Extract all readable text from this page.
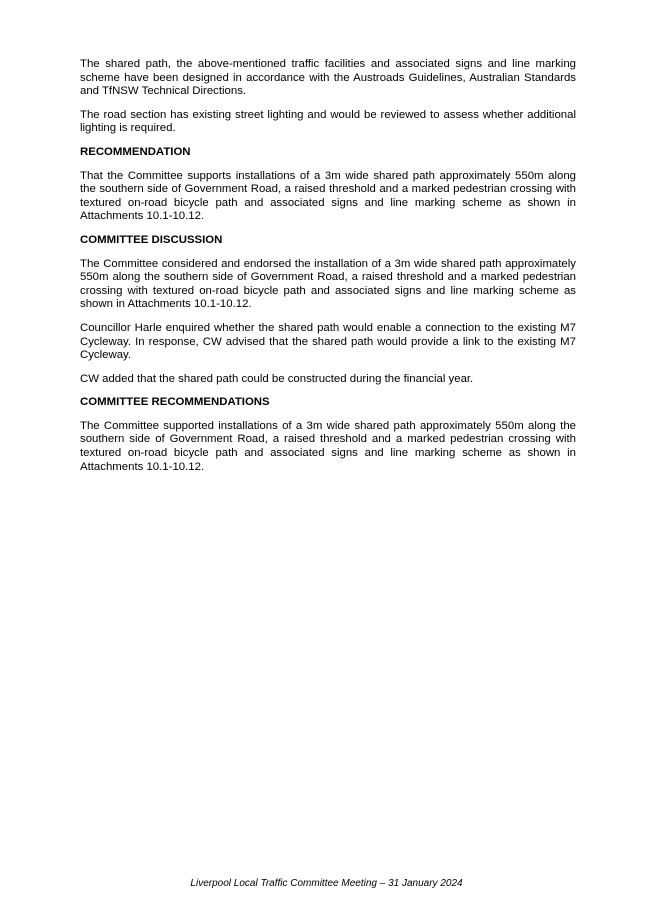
The shared path, the above-mentioned traffic facilities and associated signs and line marking scheme have been designed in accordance with the Austroads Guidelines, Australian Standards and TfNSW Technical Directions.

The road section has existing street lighting and would be reviewed to assess whether additional lighting is required.

RECOMMENDATION

That the Committee supports installations of a 3m wide shared path approximately 550m along the southern side of Government Road, a raised threshold and a marked pedestrian crossing with textured on-road bicycle path and associated signs and line marking scheme as shown in Attachments 10.1-10.12.

COMMITTEE DISCUSSION

The Committee considered and endorsed the installation of a 3m wide shared path approximately 550m along the southern side of Government Road, a raised threshold and a marked pedestrian crossing with textured on-road bicycle path and associated signs and line marking scheme as shown in Attachments 10.1-10.12.

Councillor Harle enquired whether the shared path would enable a connection to the existing M7 Cycleway. In response, CW advised that the shared path would provide a link to the existing M7 Cycleway.

CW added that the shared path could be constructed during the financial year.

COMMITTEE RECOMMENDATIONS

The Committee supported installations of a 3m wide shared path approximately 550m along the southern side of Government Road, a raised threshold and a marked pedestrian crossing with textured on-road bicycle path and associated signs and line marking scheme as shown in Attachments 10.1-10.12.

Liverpool Local Traffic Committee Meeting – 31 January 2024
